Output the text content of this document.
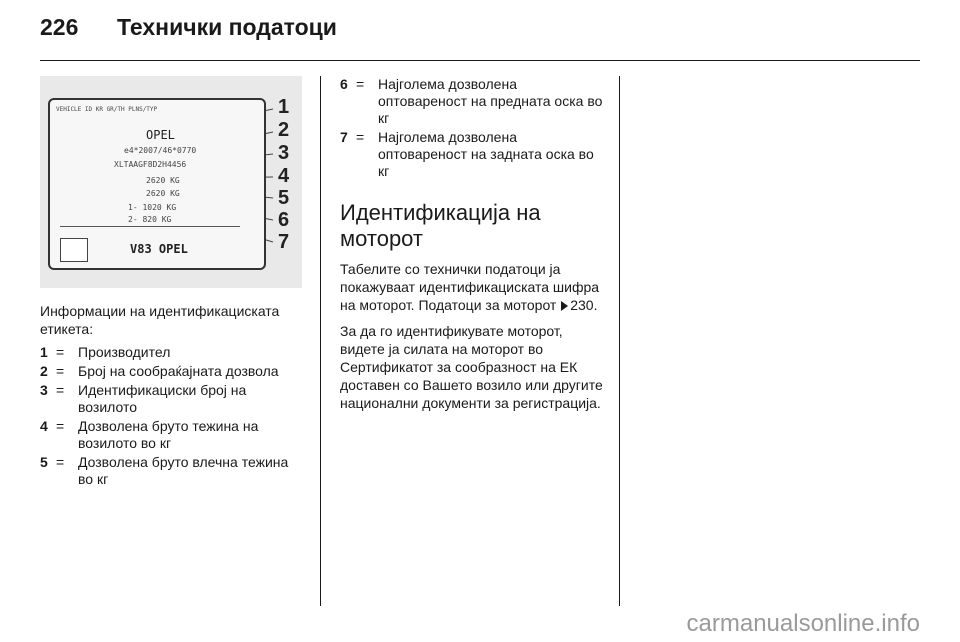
226 Технички податоци
VEHICLE ID KR GR/TH PLNS/TYP
OPEL
e4*2007/46*0770
XLTAAGF8D2H4456
2620 KG
2620 KG
1- 1020 KG
2- 820 KG
V83 OPEL
1
2
3
4
5
6
7

Информации на идентификациската етикета:

1 = Производител
2 = Број на сообраќајната дозвола
3 = Идентификациски број на возилото
4 = Дозволена бруто тежина на возилото во кг
5 = Дозволена бруто влечна тежина во кг
6 = Најголема дозволена оптовареност на предната оска во кг
7 = Најголема дозволена оптовареност на задната оска во кг
Идентификација на моторот

Табелите со технички податоци ја покажуваат идентификациската шифра на моторот. Податоци за моторот 230.

За да го идентификувате моторот, видете ја силата на моторот во Сертификатот за сообразност на ЕК доставен со Вашето возило или другите национални документи за регистрација.

carmanualsonline.info
